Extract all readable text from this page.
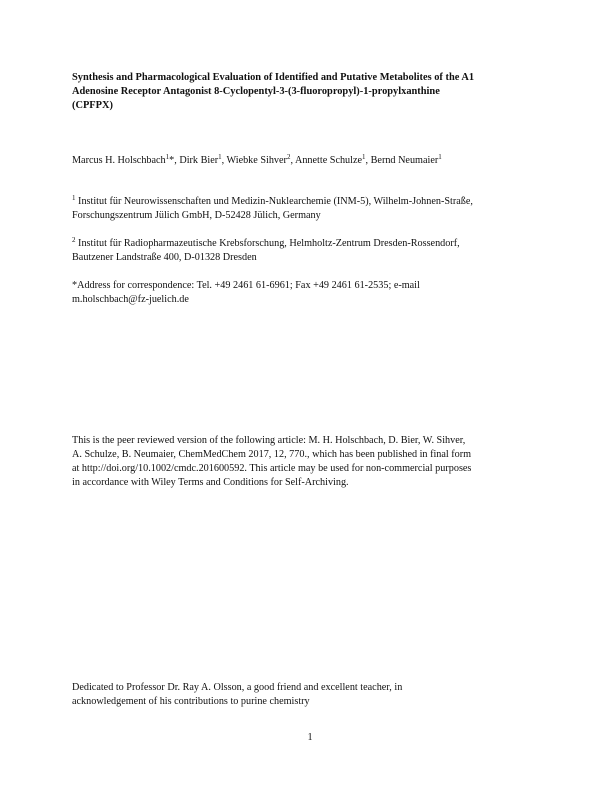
Synthesis and Pharmacological Evaluation of Identified and Putative Metabolites of the A1
Adenosine Receptor Antagonist 8-Cyclopentyl-3-(3-fluoropropyl)-1-propylxanthine
(CPFPX)
Marcus H. Holschbach$^1$*, Dirk Bier$^1$, Wiebke Sihver$^2$, Annette Schulze$^1$, Bernd Neumaier$^1$
$^1$ Institut für Neurowissenschaften und Medizin-Nuklearchemie (INM-5), Wilhelm-Johnen-Straße,
Forschungszentrum Jülich GmbH, D-52428 Jülich, Germany
$^2$ Institut für Radiopharmazeutische Krebsforschung, Helmholtz-Zentrum Dresden-Rossendorf,
Bautzener Landstraße 400, D-01328 Dresden
*Address for correspondence: Tel. +49 2461 61-6961; Fax +49 2461 61-2535; e-mail
m.holschbach@fz-juelich.de
This is the peer reviewed version of the following article: M. H. Holschbach, D. Bier, W. Sihver,
A. Schulze, B. Neumaier, ChemMedChem 2017, 12, 770., which has been published in final form
at http://doi.org/10.1002/cmdc.201600592. This article may be used for non-commercial purposes
in accordance with Wiley Terms and Conditions for Self-Archiving.
Dedicated to Professor Dr. Ray A. Olsson, a good friend and excellent teacher, in
acknowledgement of his contributions to purine chemistry
1
